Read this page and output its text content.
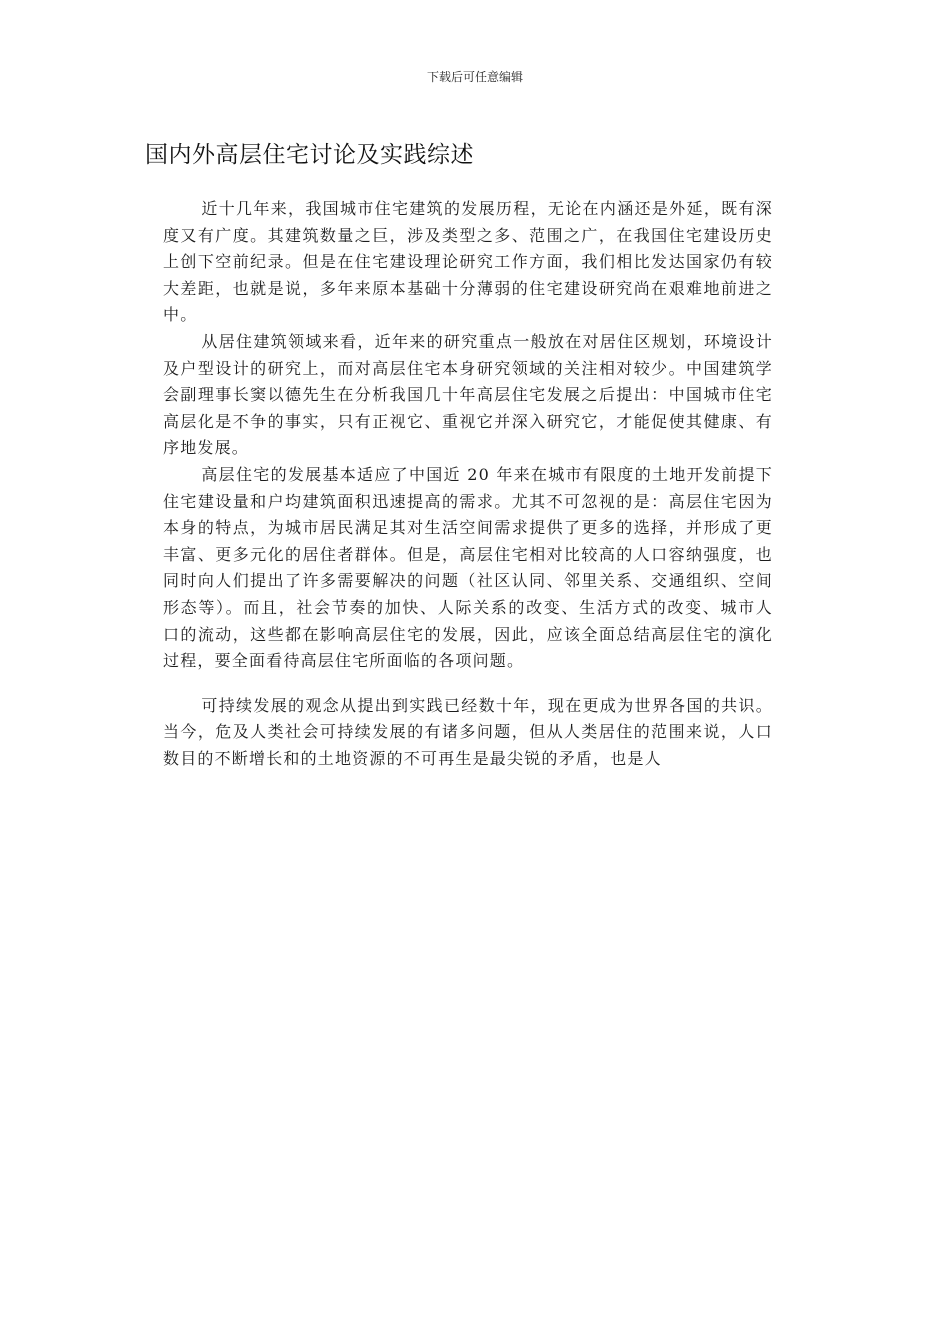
下载后可任意编辑
国内外高层住宅讨论及实践综述

近十几年来，我国城市住宅建筑的发展历程，无论在内涵还是外延，既有深度又有广度。其建筑数量之巨，涉及类型之多、范围之广，在我国住宅建设历史上创下空前纪录。但是在住宅建设理论研究工作方面，我们相比发达国家仍有较大差距，也就是说，多年来原本基础十分薄弱的住宅建设研究尚在艰难地前进之中。

从居住建筑领域来看，近年来的研究重点一般放在对居住区规划，环境设计及户型设计的研究上，而对高层住宅本身研究领域的关注相对较少。中国建筑学会副理事长窦以德先生在分析我国几十年高层住宅发展之后提出：中国城市住宅高层化是不争的事实，只有正视它、重视它并深入研究它，才能促使其健康、有序地发展。

高层住宅的发展基本适应了中国近 20 年来在城市有限度的土地开发前提下住宅建设量和户均建筑面积迅速提高的需求。尤其不可忽视的是：高层住宅因为本身的特点，为城市居民满足其对生活空间需求提供了更多的选择，并形成了更丰富、更多元化的居住者群体。但是，高层住宅相对比较高的人口容纳强度，也同时向人们提出了许多需要解决的问题（社区认同、邻里关系、交通组织、空间形态等）。而且，社会节奏的加快、人际关系的改变、生活方式的改变、城市人口的流动，这些都在影响高层住宅的发展，因此，应该全面总结高层住宅的演化过程，要全面看待高层住宅所面临的各项问题。

可持续发展的观念从提出到实践已经数十年，现在更成为世界各国的共识。当今，危及人类社会可持续发展的有诸多问题，但从人类居住的范围来说，人口数目的不断增长和的土地资源的不可再生是最尖锐的矛盾，也是人
